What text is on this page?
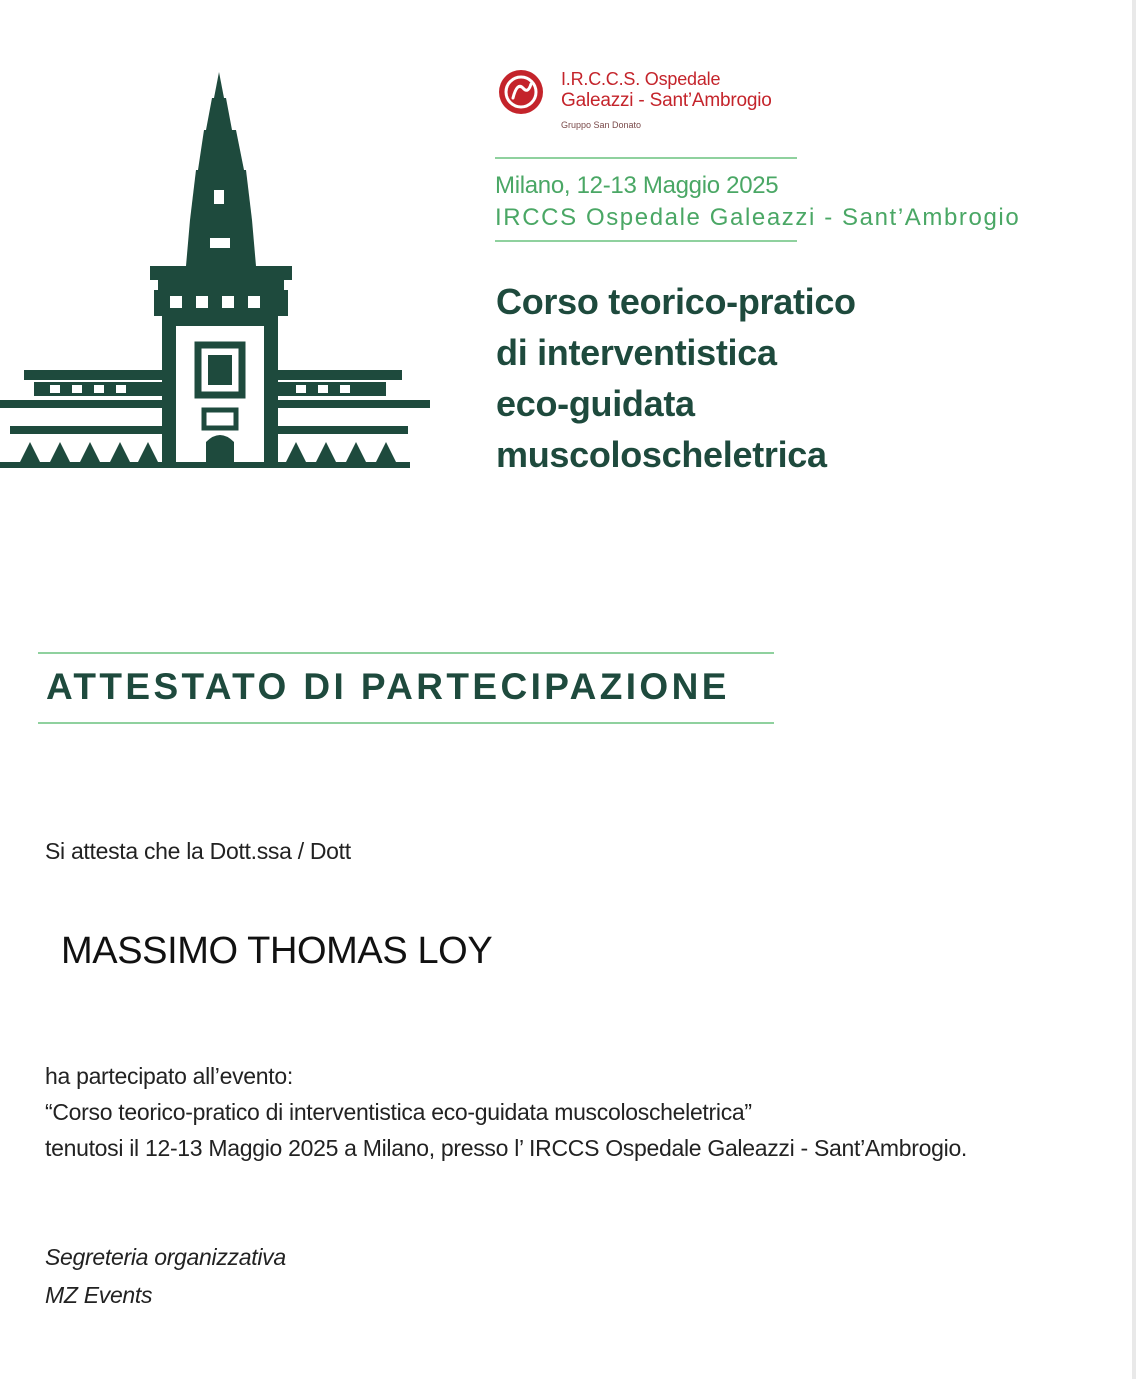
I.R.C.C.S. Ospedale
Galeazzi - Sant’Ambrogio
Gruppo San Donato
Milano, 12-13 Maggio 2025
IRCCS Ospedale Galeazzi - Sant’Ambrogio
Corso teorico-pratico
di interventistica
eco-guidata
muscoloscheletrica
ATTESTATO DI PARTECIPAZIONE
Si attesta che la Dott.ssa / Dott
MASSIMO THOMAS LOY
ha partecipato all’evento:
“Corso teorico-pratico di interventistica eco-guidata muscoloscheletrica”
tenutosi il 12-13 Maggio 2025 a Milano, presso l’ IRCCS Ospedale Galeazzi - Sant’Ambrogio.
Segreteria organizzativa
MZ Events
